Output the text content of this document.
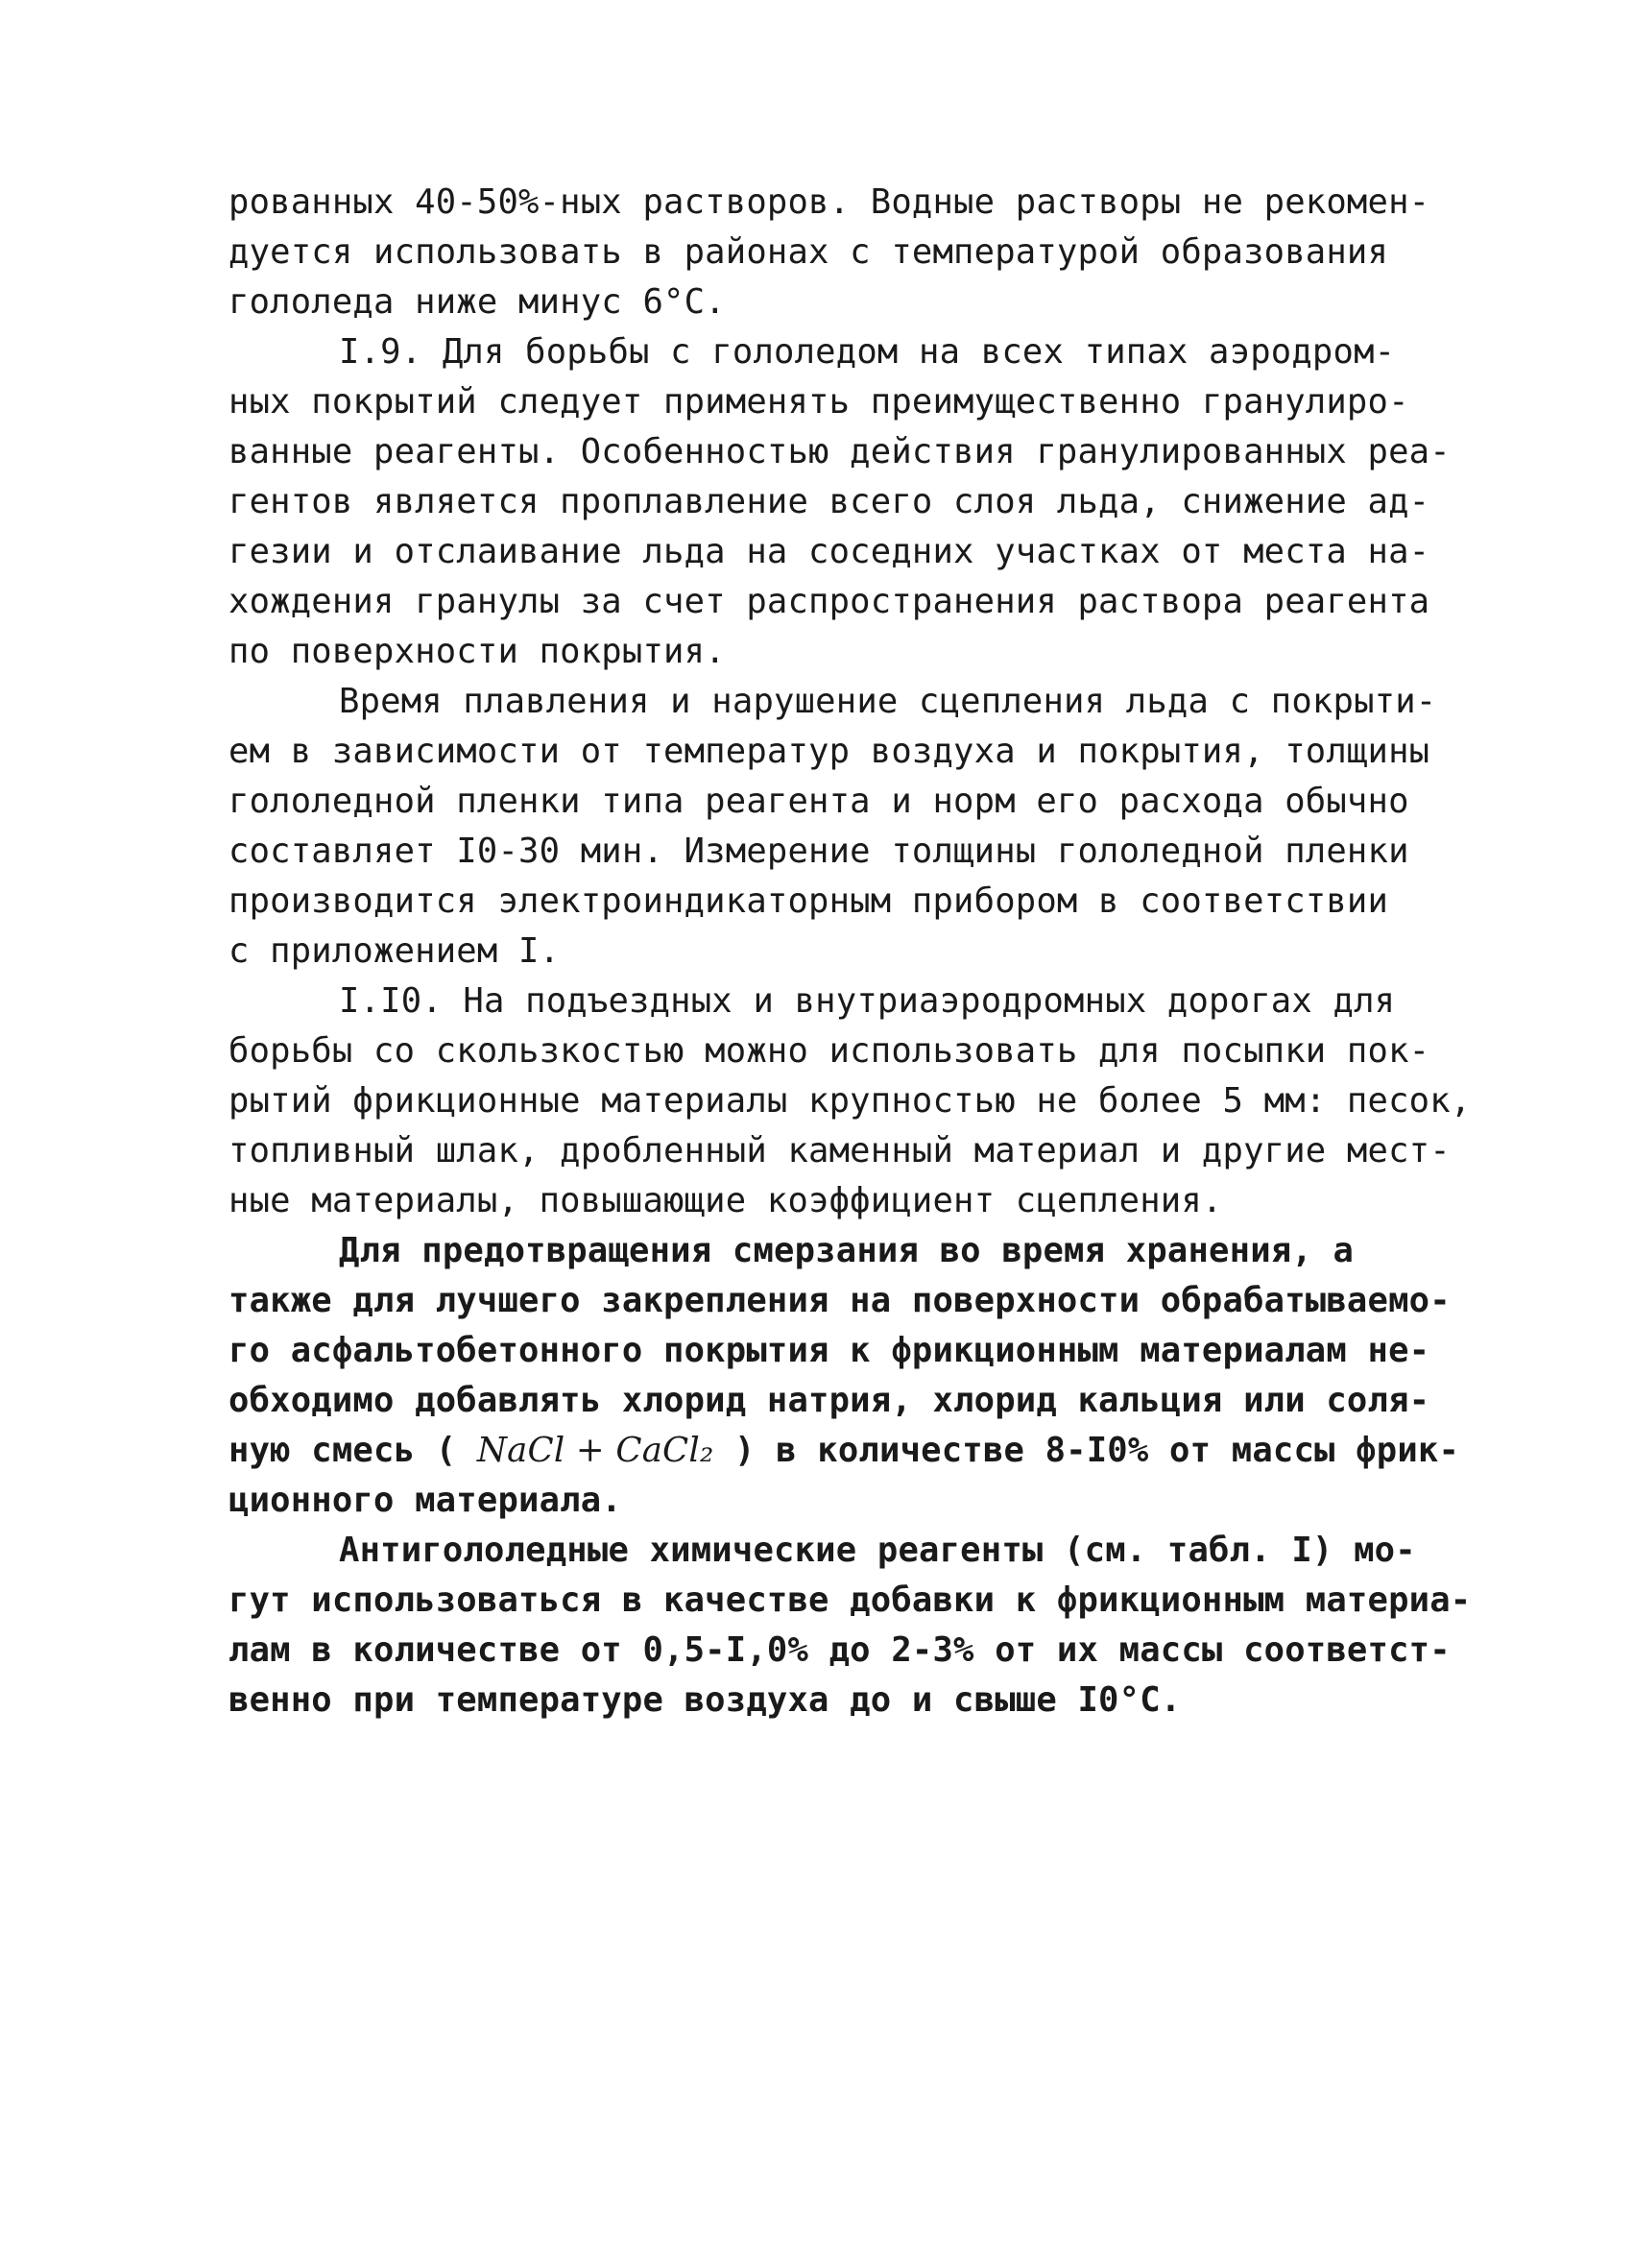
рованных 40-50%-ных растворов. Водные растворы не рекомен-
дуется использовать в районах с температурой образования
гололеда ниже минус 6°С.
I.9. Для борьбы с гололедом на всех типах аэродром-
ных покрытий следует применять преимущественно гранулиро-
ванные реагенты. Особенностью действия гранулированных реа-
гентов является проплавление всего слоя льда, снижение ад-
гезии и отслаивание льда на соседних участках от места на-
хождения гранулы за счет распространения раствора реагента
по поверхности покрытия.
Время плавления и нарушение сцепления льда с покрыти-
ем в зависимости от температур воздуха и покрытия, толщины
гололедной пленки типа реагента и норм его расхода обычно
составляет I0-30 мин. Измерение толщины гололедной пленки
производится электроиндикаторным прибором в соответствии
с приложением I.
I.I0. На подъездных и внутриаэродромных дорогах для
борьбы со скользкостью можно использовать для посыпки пок-
рытий фрикционные материалы крупностью не более 5 мм: песок,
топливный шлак, дробленный каменный материал и другие мест-
ные материалы, повышающие коэффициент сцепления.
Для предотвращения смерзания во время хранения, а
также для лучшего закрепления на поверхности обрабатываемо-
го асфальтобетонного покрытия к фрикционным материалам не-
обходимо добавлять хлорид натрия, хлорид кальция или соля-
ную смесь ( NaCl + CaCl₂ ) в количестве 8-I0% от массы фрик-
ционного материала.
Антигололедные химические реагенты (см. табл. I) мо-
гут использоваться в качестве добавки к фрикционным материа-
лам в количестве от 0,5-I,0% до 2-3% от их массы соответст-
венно при температуре воздуха до и свыше I0°С.
